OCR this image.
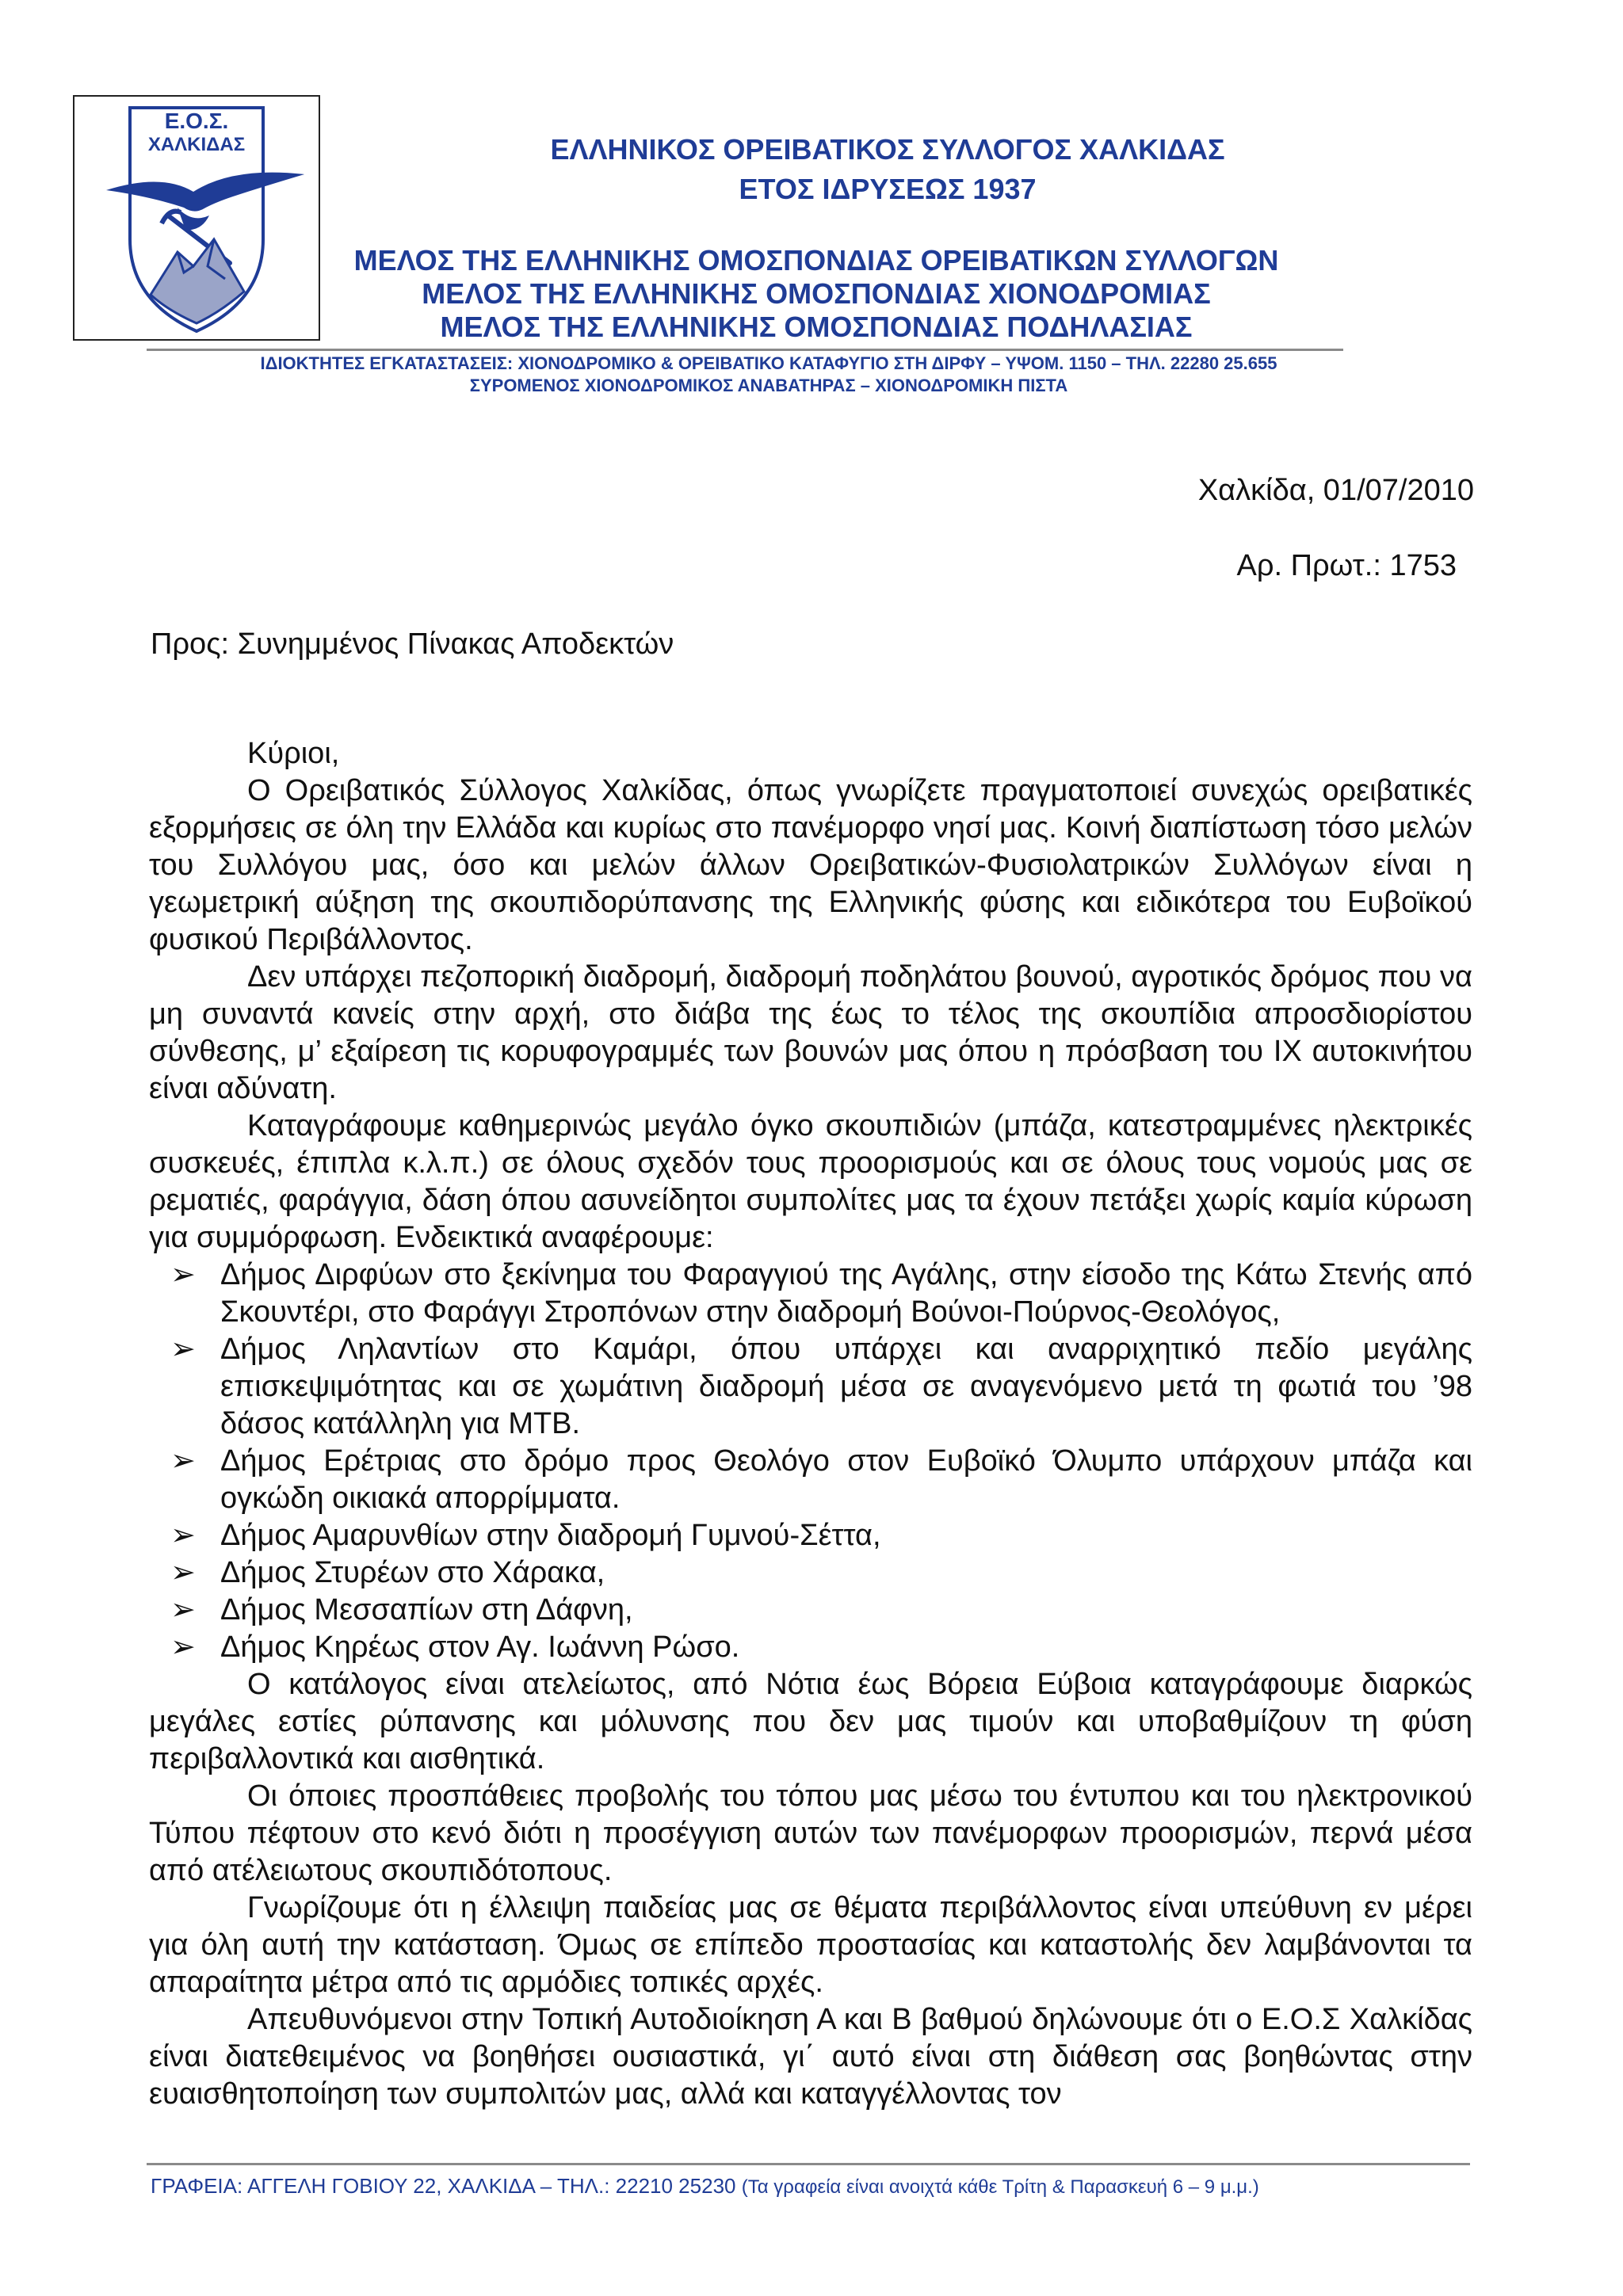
Ε.Ο.Σ.
ΧΑΛΚΙΔΑΣ	ΕΛΛΗΝΙΚΟΣ ΟΡΕΙΒΑΤΙΚΟΣ ΣΥΛΛΟΓΟΣ ΧΑΛΚΙΔΑΣ

ΕΤΟΣ ΙΔΡΥΣΕΩΣ 1937

ΜΕΛΟΣ ΤΗΣ ΕΛΛΗΝΙΚΗΣ ΟΜΟΣΠΟΝΔΙΑΣ ΟΡΕΙΒΑΤΙΚΩΝ ΣΥΛΛΟΓΩΝ

ΜΕΛΟΣ ΤΗΣ ΕΛΛΗΝΙΚΗΣ ΟΜΟΣΠΟΝΔΙΑΣ ΧΙΟΝΟΔΡΟΜΙΑΣ

ΜΕΛΟΣ ΤΗΣ ΕΛΛΗΝΙΚΗΣ ΟΜΟΣΠΟΝΔΙΑΣ ΠΟΔΗΛΑΣΙΑΣ

ΙΔΙΟΚΤΗΤΕΣ ΕΓΚΑΤΑΣΤΑΣΕΙΣ: ΧΙΟΝΟΔΡΟΜΙΚΟ & ΟΡΕΙΒΑΤΙΚΟ ΚΑΤΑΦΥΓΙΟ ΣΤΗ ΔΙΡΦΥ – ΥΨΟΜ. 1150 – ΤΗΛ. 22280 25.655

ΣΥΡΟΜΕΝΟΣ ΧΙΟΝΟΔΡΟΜΙΚΟΣ ΑΝΑΒΑΤΗΡΑΣ – ΧΙΟΝΟΔΡΟΜΙΚΗ ΠΙΣΤΑ

Χαλκίδα, 01/07/2010

Αρ. Πρωτ.: 1753

Προς: Συνημμένος Πίνακας Αποδεκτών

Κύριοι,

Ο Ορειβατικός Σύλλογος Χαλκίδας, όπως γνωρίζετε πραγματοποιεί συνεχώς ορειβατικές εξορμήσεις σε όλη την Ελλάδα και κυρίως στο πανέμορφο νησί μας. Κοινή διαπίστωση τόσο μελών του Συλλόγου μας, όσο και μελών άλλων Ορειβατικών-Φυσιολατρικών Συλλόγων είναι η γεωμετρική αύξηση της σκουπιδορύπανσης της Ελληνικής φύσης και ειδικότερα του Ευβοϊκού φυσικού Περιβάλλοντος.

Δεν υπάρχει πεζοπορική διαδρομή, διαδρομή ποδηλάτου βουνού, αγροτικός δρόμος που να μη συναντά κανείς στην αρχή, στο διάβα της έως το τέλος της σκουπίδια απροσδιορίστου σύνθεσης, μ’ εξαίρεση τις κορυφογραμμές των βουνών μας όπου η πρόσβαση του ΙΧ αυτοκινήτου είναι αδύνατη.

Καταγράφουμε καθημερινώς μεγάλο όγκο σκουπιδιών (μπάζα, κατεστραμμένες ηλεκτρικές συσκευές, έπιπλα κ.λ.π.) σε όλους σχεδόν τους προορισμούς και σε όλους τους νομούς μας σε ρεματιές, φαράγγια, δάση όπου ασυνείδητοι συμπολίτες μας τα έχουν πετάξει χωρίς καμία κύρωση για συμμόρφωση. Ενδεικτικά αναφέρουμε:

➢ Δήμος Διρφύων στο ξεκίνημα του Φαραγγιού της Αγάλης, στην είσοδο της Κάτω Στενής από Σκουντέρι, στο Φαράγγι Στροπόνων στην διαδρομή Βούνοι-Πούρνος-Θεολόγος,
➢ Δήμος Ληλαντίων στο Καμάρι, όπου υπάρχει και αναρριχητικό πεδίο μεγάλης επισκεψιμότητας και σε χωμάτινη διαδρομή μέσα σε αναγενόμενο μετά τη φωτιά του ’98 δάσος κατάλληλη για ΜΤΒ.
➢ Δήμος Ερέτριας στο δρόμο προς Θεολόγο στον Ευβοϊκό Όλυμπο υπάρχουν μπάζα και ογκώδη οικιακά απορρίμματα.
➢ Δήμος Αμαρυνθίων στην διαδρομή Γυμνού-Σέττα,
➢ Δήμος Στυρέων στο Χάρακα,
➢ Δήμος Μεσσαπίων στη Δάφνη,
➢ Δήμος Κηρέως στον Αγ. Ιωάννη Ρώσο.

Ο κατάλογος είναι ατελείωτος, από Νότια έως Βόρεια Εύβοια καταγράφουμε διαρκώς μεγάλες εστίες ρύπανσης και μόλυνσης που δεν μας τιμούν και υποβαθμίζουν τη φύση περιβαλλοντικά και αισθητικά.

Οι όποιες προσπάθειες προβολής του τόπου μας μέσω του έντυπου και του ηλεκτρονικού Τύπου πέφτουν στο κενό διότι η προσέγγιση αυτών των πανέμορφων προορισμών, περνά μέσα από ατέλειωτους σκουπιδότοπους.

Γνωρίζουμε ότι η έλλειψη παιδείας μας σε θέματα περιβάλλοντος είναι υπεύθυνη εν μέρει για όλη αυτή την κατάσταση. Όμως σε επίπεδο προστασίας και καταστολής δεν λαμβάνονται τα απαραίτητα μέτρα από τις αρμόδιες τοπικές αρχές.

Απευθυνόμενοι στην Τοπική Αυτοδιοίκηση Α και Β βαθμού δηλώνουμε ότι ο Ε.Ο.Σ Χαλκίδας είναι διατεθειμένος να βοηθήσει ουσιαστικά, γι΄ αυτό είναι στη διάθεση σας βοηθώντας στην ευαισθητοποίηση των συμπολιτών μας, αλλά και καταγγέλλοντας τον

ΓΡΑΦΕΙΑ: ΑΓΓΕΛΗ ΓΟΒΙΟΥ 22, ΧΑΛΚΙΔΑ – ΤΗΛ.: 22210 25230 (Τα γραφεία είναι ανοιχτά κάθε Τρίτη & Παρασκευή 6 – 9 μ.μ.)
